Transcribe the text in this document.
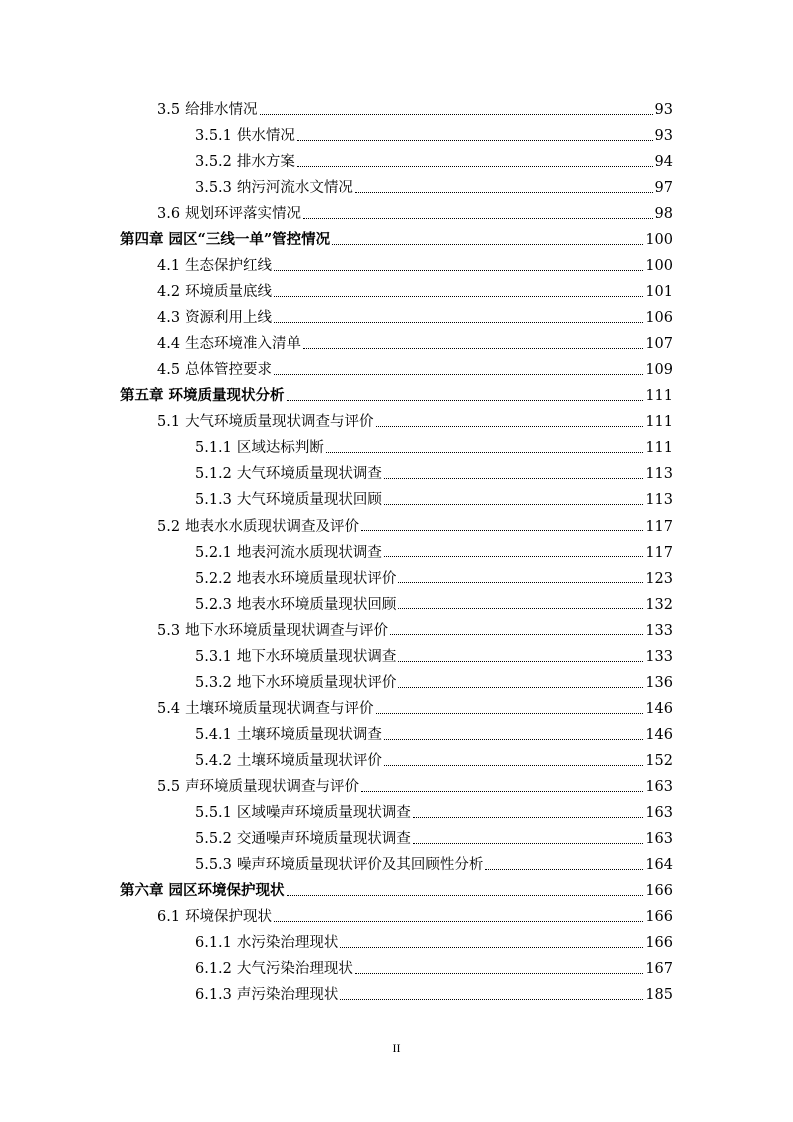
3.5 给排水情况	93
3.5.1 供水情况	93
3.5.2 排水方案	94
3.5.3 纳污河流水文情况	97
3.6 规划环评落实情况	98
第四章 园区“三线一单”管控情况	100
4.1 生态保护红线	100
4.2 环境质量底线	101
4.3 资源利用上线	106
4.4 生态环境准入清单	107
4.5 总体管控要求	109
第五章 环境质量现状分析	111
5.1 大气环境质量现状调查与评价	111
5.1.1 区域达标判断	111
5.1.2 大气环境质量现状调查	113
5.1.3 大气环境质量现状回顾	113
5.2 地表水水质现状调查及评价	117
5.2.1 地表河流水质现状调查	117
5.2.2 地表水环境质量现状评价	123
5.2.3 地表水环境质量现状回顾	132
5.3 地下水环境质量现状调查与评价	133
5.3.1 地下水环境质量现状调查	133
5.3.2 地下水环境质量现状评价	136
5.4 土壤环境质量现状调查与评价	146
5.4.1 土壤环境质量现状调查	146
5.4.2 土壤环境质量现状评价	152
5.5 声环境质量现状调查与评价	163
5.5.1 区域噪声环境质量现状调查	163
5.5.2 交通噪声环境质量现状调查	163
5.5.3 噪声环境质量现状评价及其回顾性分析	164
第六章 园区环境保护现状	166
6.1 环境保护现状	166
6.1.1 水污染治理现状	166
6.1.2 大气污染治理现状	167
6.1.3 声污染治理现状	185
II
